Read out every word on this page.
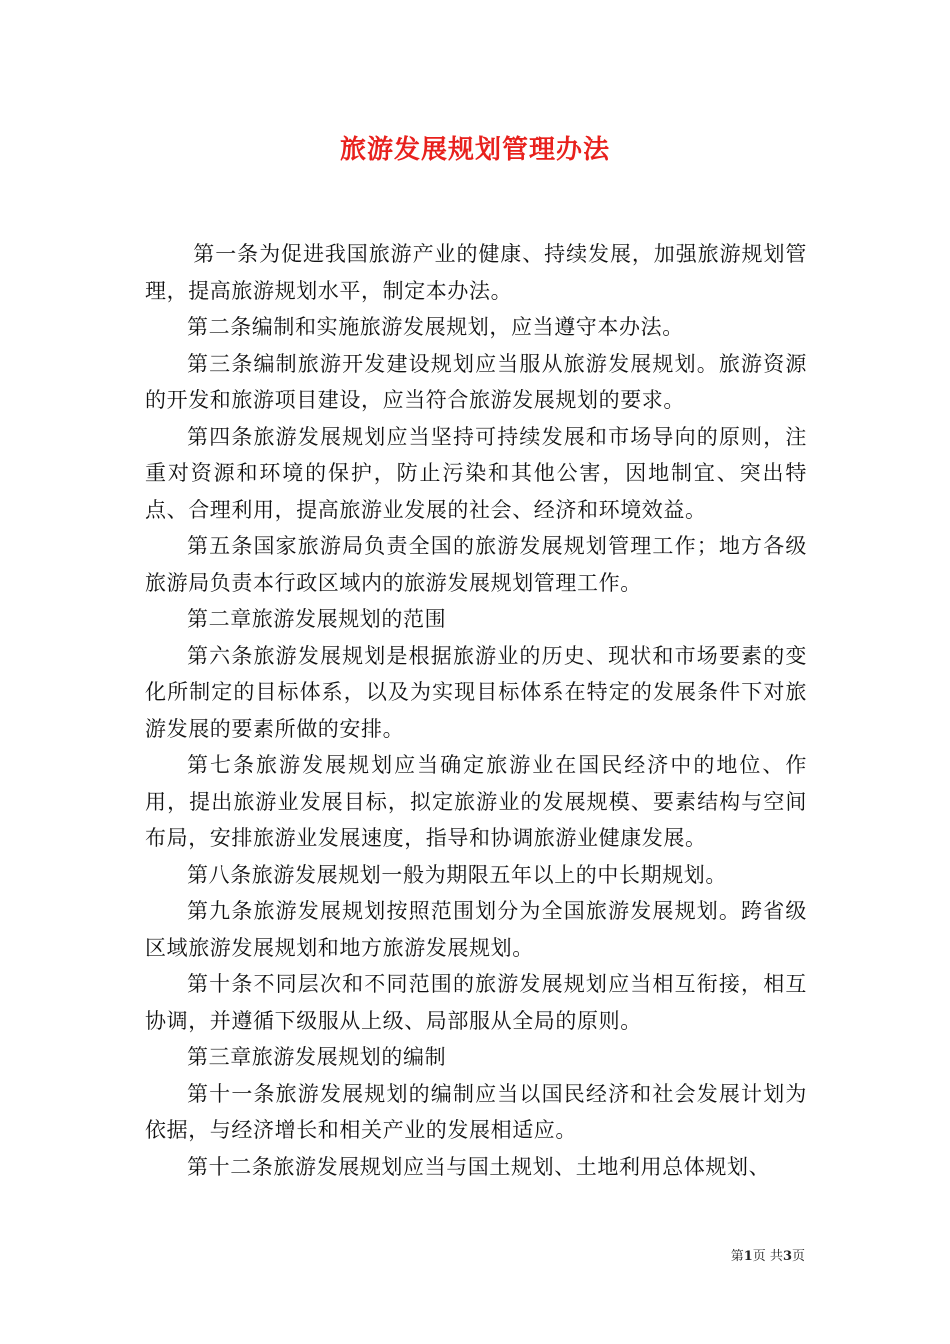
旅游发展规划管理办法

第一条为促进我国旅游产业的健康、持续发展，加强旅游规划管理，提高旅游规划水平，制定本办法。

第二条编制和实施旅游发展规划，应当遵守本办法。

第三条编制旅游开发建设规划应当服从旅游发展规划。旅游资源的开发和旅游项目建设，应当符合旅游发展规划的要求。

第四条旅游发展规划应当坚持可持续发展和市场导向的原则，注重对资源和环境的保护，防止污染和其他公害，因地制宜、突出特点、合理利用，提高旅游业发展的社会、经济和环境效益。

第五条国家旅游局负责全国的旅游发展规划管理工作；地方各级旅游局负责本行政区域内的旅游发展规划管理工作。

第二章旅游发展规划的范围

第六条旅游发展规划是根据旅游业的历史、现状和市场要素的变化所制定的目标体系，以及为实现目标体系在特定的发展条件下对旅游发展的要素所做的安排。

第七条旅游发展规划应当确定旅游业在国民经济中的地位、作用，提出旅游业发展目标，拟定旅游业的发展规模、要素结构与空间布局，安排旅游业发展速度，指导和协调旅游业健康发展。

第八条旅游发展规划一般为期限五年以上的中长期规划。

第九条旅游发展规划按照范围划分为全国旅游发展规划。跨省级区域旅游发展规划和地方旅游发展规划。

第十条不同层次和不同范围的旅游发展规划应当相互衔接，相互协调，并遵循下级服从上级、局部服从全局的原则。

第三章旅游发展规划的编制

第十一条旅游发展规划的编制应当以国民经济和社会发展计划为依据，与经济增长和相关产业的发展相适应。

第十二条旅游发展规划应当与国土规划、土地利用总体规划、

第1页 共3页
